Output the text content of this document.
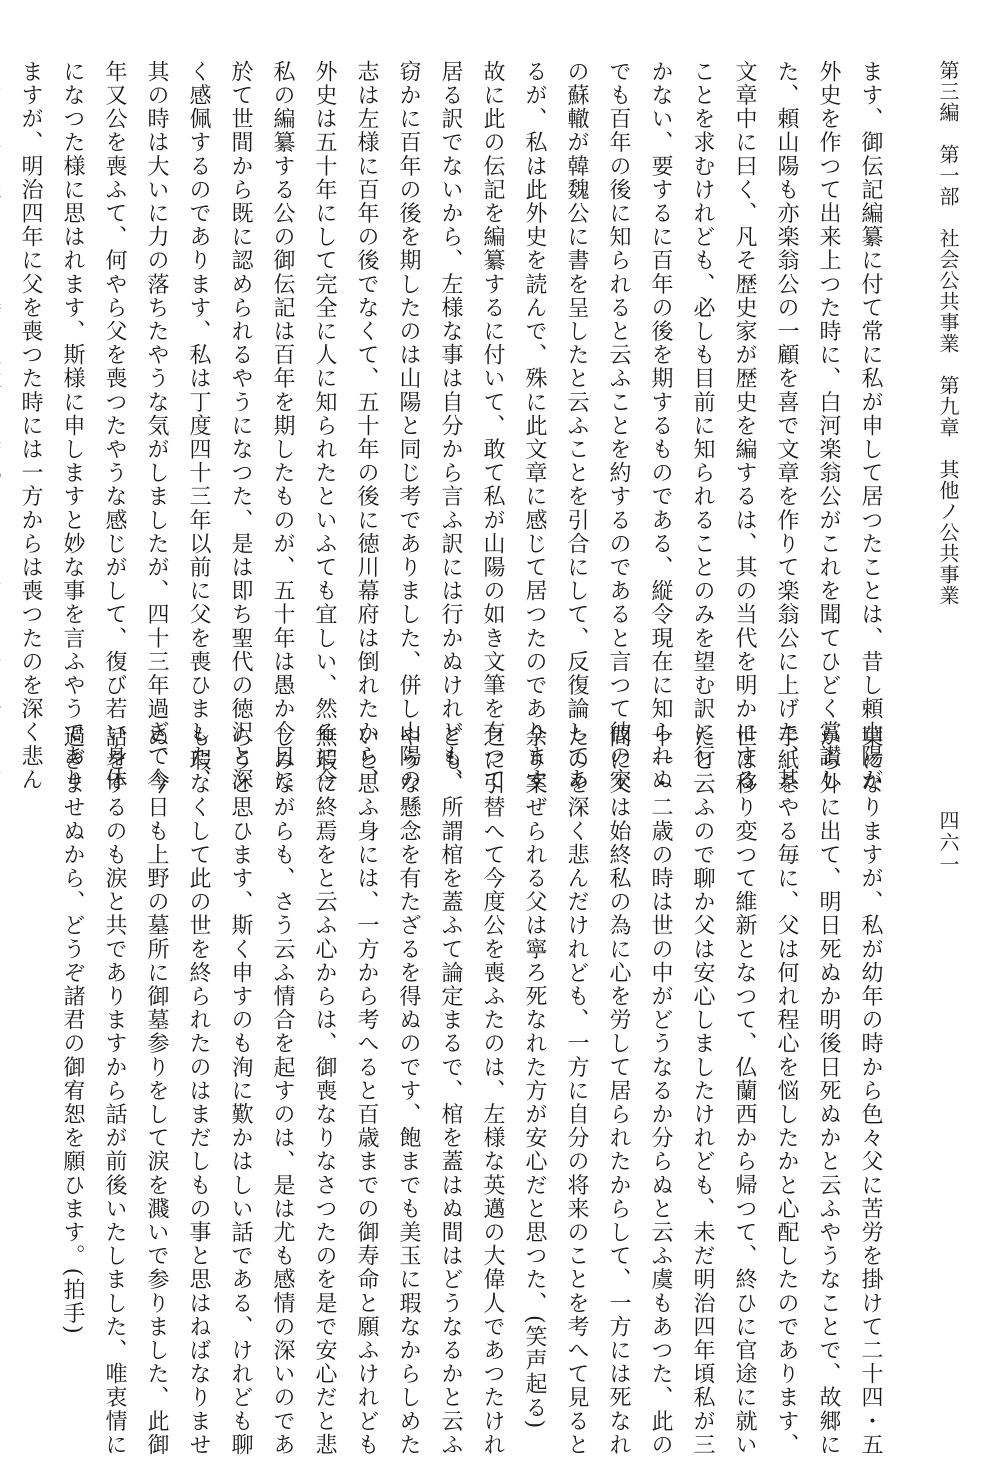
第三編　第一部　社会公共事業　第九章　其他ノ公共事業
四六一
ます、御伝記編纂に付て常に私が申して居つたことは、昔し頼山陽が
外史を作つて出来上つた時に、白河楽翁公がこれを聞てひどく賞讃し
た、頼山陽も亦楽翁公の一顧を喜で文章を作りて楽翁公に上げた、其
文章中に曰く、凡そ歴史家が歴史を編するは、其の当代を明かにする
ことを求むけれども、必しも目前に知られることのみを望む訳に行
かない、要するに百年の後を期するものである、縦令現在に知られぬ
でも百年の後に知られると云ふことを約するのであると言つて彼の宋
の蘇轍が韓魏公に書を呈したと云ふことを引合にして、反復論してあ
るが、私は此外史を読んで、殊に此文章に感じて居つたのであります
故に此の伝記を編纂するに付いて、敢て私が山陽の如き文筆を有つて
居る訳でないから、左様な事は自分から言ふ訳には行かぬけれども、
窃かに百年の後を期したのは山陽と同じ考でありました、併し山陽の
志は左様に百年の後でなくて、五十年の後に徳川幕府は倒れたから、
外史は五十年にして完全に人に知られたといふても宜しい、然るに今
私の編纂する公の御伝記は百年を期したものが、五十年は愚か今日に
於て世間から既に認められるやうになつた、是は即ち聖代の徳沢と深
く感佩するのであります、私は丁度四十三年以前に父を喪ひました、
其の時は大いに力の落ちたやうな気がしましたが、四十三年過ぎて今
年又公を喪ふて、何やら父を喪つたやうな感じがして、復び若い身体
になつた様に思はれます、斯様に申しますと妙な事を言ふやうであり
ますが、明治四年に父を喪つた時には一方からは喪つたのを深く悲ん
葉になりますが、私が幼年の時から色々父に苦労を掛けて二十四・五
から外に出て、明日死ぬか明後日死ぬかと云ふやうなことで、故郷に
手紙をやる毎に、父は何れ程心を悩したかと心配したのであります、
世は移り変つて維新となつて、仏蘭西から帰つて、終ひに官途に就い
たと云ふので聊か父は安心しましたけれども、未だ明治四年頃私が三
十一・二歳の時は世の中がどうなるか分らぬと云ふ虞もあつた、此の
間に父は始終私の為に心を労して居られたからして、一方には死なれ
たのを深く悲んだけれども、一方に自分の将来のことを考へて見ると
余り案ぜられる父は寧ろ死なれた方が安心だと思つた、(笑声起る)
之に引替へて今度公を喪ふたのは、左様な英邁の大偉人であつたけれ
ども、所謂棺を蓋ふて論定まるで、棺を蓋はぬ間はどうなるかと云ふ
やうな懸念を有たざるを得ぬのです、飽までも美玉に瑕なからしめた
いと思ふ身には、一方から考へると百歳までの御寿命と願ふけれども
無瑕に終焉をと云ふ心からは、御喪なりなさつたのを是で安心だと悲
しみながらも、さう云ふ情合を起すのは、是は尤も感情の深いのであ
らうと思ひます、斯く申すのも洵に歎かはしい話である、けれども聊
も瑕なくして此の世を終られたのはまだしもの事と思はねばなりませ
ぬ、今日も上野の墓所に御墓参りをして涙を濺いで参りました、此御
話をするのも涙と共でありますから話が前後いたしました、唯衷情に
過ぎませぬから、どうぞ諸君の御宥恕を願ひます。(拍手)
